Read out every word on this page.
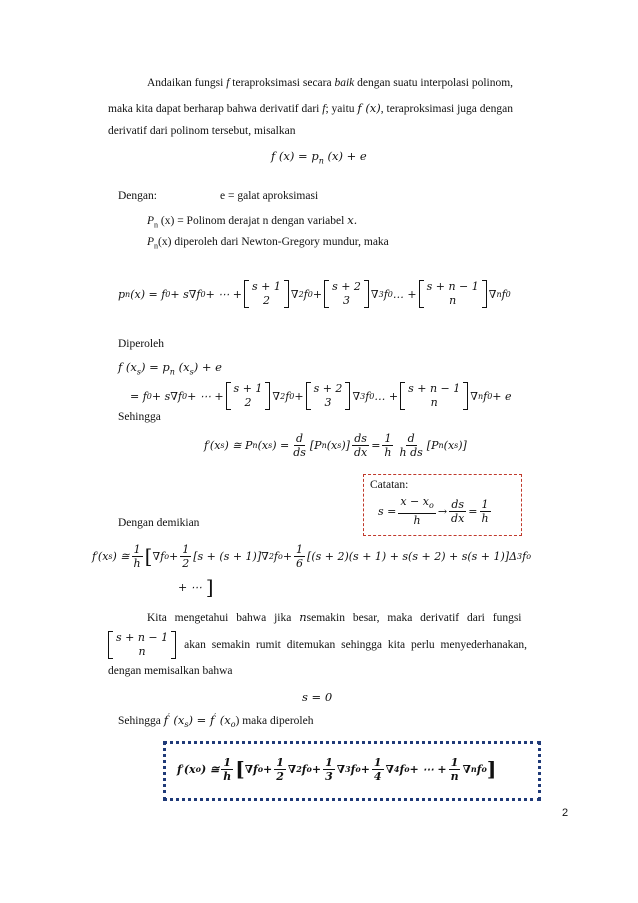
Andaikan fungsi f teraproksimasi secara baik dengan suatu interpolasi polinom,
maka kita dapat berharap bahwa derivatif dari f; yaitu f (x), teraproksimasi juga dengan
derivatif dari polinom tersebut, misalkan
f $(x) = p_n$ (x) + e
Dengan:	e = galat aproksimasi
$P_n$ (x) = Polinom derajat n dengan variabel x.
$P_n(x)$ diperoleh dari Newton-Gregory mundur, maka
p n (x) = f 0 + s∇f 0 + ⋯ +
s + 1
2 ∇ 2 f 0 +
s + 2
3 ∇ 3 f 0 … +
s + n − 1
n	∇ n f 0
Diperoleh
f $(x_s) = p_n$ $(x_s) + e$
= f 0 + s∇f 0 + ⋯ +
s + 1
2 ∇ 2 f 0 +
s + 2
3 ∇ 3 f 0 … +
s + n − 1
n	∇ n f 0 + e
Sehingga
f ′ (x s ) ≅ P n (x s ) = $\frac{d}{ds} [P$ n (x s )] $\frac{ds}{dx} = \frac{1}{h} \frac{d}{\text{h ds}} [P$ n (x s )]
Catatan:
$s = \frac{x - x_o}{h} \to \frac{ds}{dx} = \frac{1}{h}$
Dengan demikian
f ′ (x s ) ≅ $\frac{1}{h}$ [ ∇f $o + \frac{1}{2} [s + (s + 1)]\nabla$ 2 f $o + \frac{1}{6} [(s + 2)(s + 1) + s(s + 2) + s(s + 1)]\Delta$ 3 f o
+ ⋯ ]
Kita mengetahui bahwa jika nsemakin besar, maka derivatif dari fungsi
s + n − 1
n	akan semakin rumit ditemukan sehingga kita perlu menyederhanakan,
dengan memisalkan bahwa
s = 0
Sehingga f′ $(x_s) = f'$ $(x_o)$ maka diperoleh
f ′ (x o ) ≅ $\frac{1}{h}$ [ ∇f $o + \frac{1}{2}$ ∇ 2 f $o + \frac{1}{3}$ ∇ 3 f $o + \frac{1}{4}$ ∇ 4 f o + ⋯ + $\frac{1}{n}$ ∇ n f o ]
2
